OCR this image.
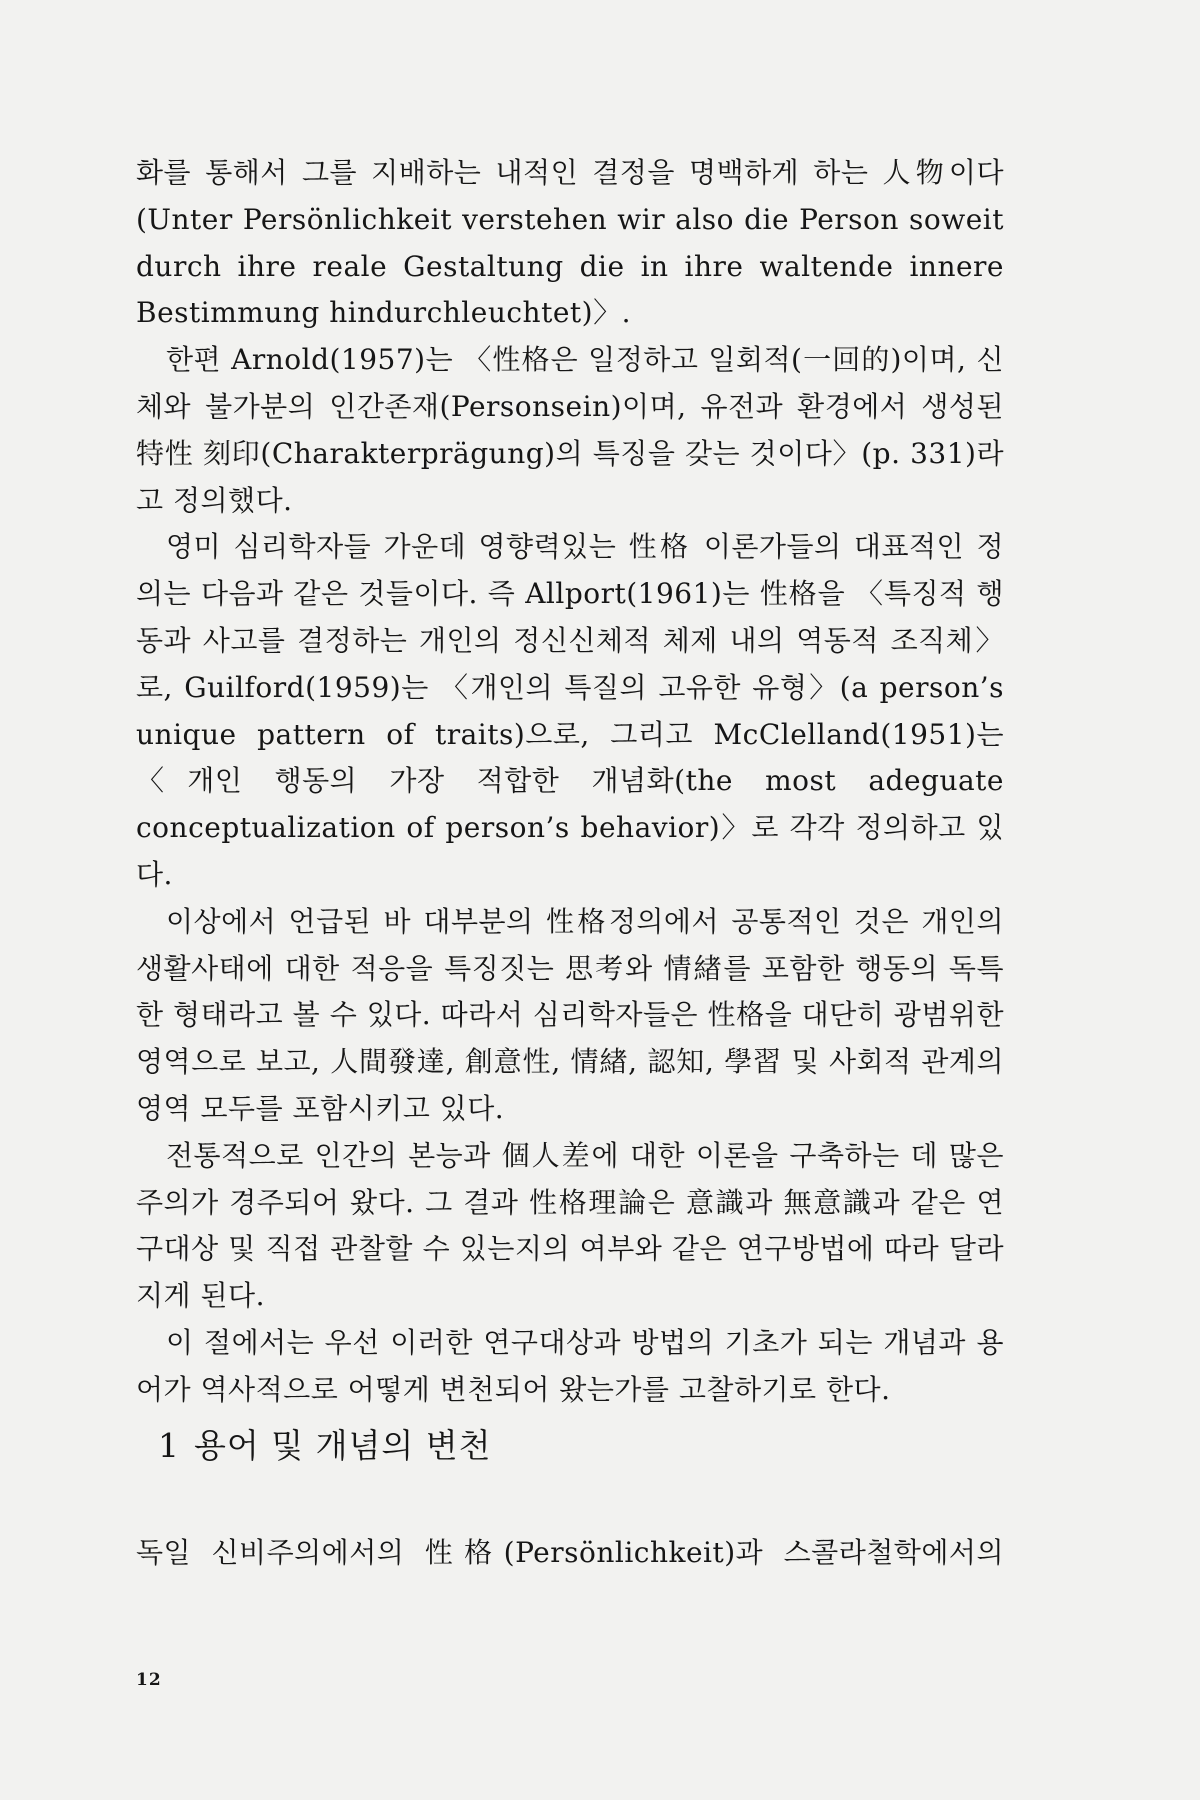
화를 통해서 그를 지배하는 내적인 결정을 명백하게 하는 人物이다 (Unter Persönlichkeit verstehen wir also die Person soweit durch ihre reale Gestaltung die in ihre waltende innere Bestimmung hindurchleuchtet)〉.

한편 Arnold(1957)는 〈性格은 일정하고 일회적(一回的)이며, 신체와 불가분의 인간존재(Personsein)이며, 유전과 환경에서 생성된 特性 刻印(Charakterprägung)의 특징을 갖는 것이다〉(p. 331)라고 정의했다.

영미 심리학자들 가운데 영향력있는 性格 이론가들의 대표적인 정의는 다음과 같은 것들이다. 즉 Allport(1961)는 性格을 〈특징적 행동과 사고를 결정하는 개인의 정신신체적 체제 내의 역동적 조직체〉로, Guilford(1959)는 〈개인의 특질의 고유한 유형〉(a person’s unique pattern of traits)으로, 그리고 McClelland(1951)는 〈개인 행동의 가장 적합한 개념화(the most adeguate conceptualization of person’s behavior)〉로 각각 정의하고 있다.

이상에서 언급된 바 대부분의 性格정의에서 공통적인 것은 개인의 생활사태에 대한 적응을 특징짓는 思考와 情緖를 포함한 행동의 독특한 형태라고 볼 수 있다. 따라서 심리학자들은 性格을 대단히 광범위한 영역으로 보고, 人間發達, 創意性, 情緖, 認知, 學習 및 사회적 관계의 영역 모두를 포함시키고 있다.

전통적으로 인간의 본능과 個人差에 대한 이론을 구축하는 데 많은 주의가 경주되어 왔다. 그 결과 性格理論은 意識과 無意識과 같은 연구대상 및 직접 관찰할 수 있는지의 여부와 같은 연구방법에 따라 달라지게 된다.

이 절에서는 우선 이러한 연구대상과 방법의 기초가 되는 개념과 용어가 역사적으로 어떻게 변천되어 왔는가를 고찰하기로 한다.

1 용어 및 개념의 변천

독일 신비주의에서의 性格(Persönlichkeit)과 스콜라철학에서의

12
